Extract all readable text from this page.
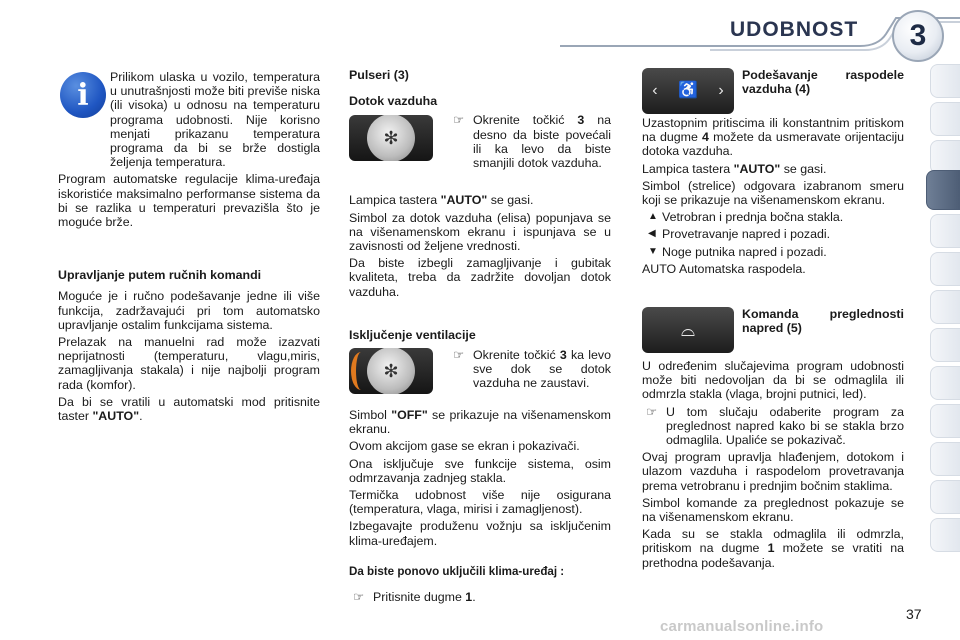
UDOBNOST	3
i

Prilikom ulaska u vozilo, temperatura u unutrašnjosti može biti previše niska (ili visoka) u odnosu na temperaturu programa udobnosti. Nije korisno menjati prikazanu temperatura programa da bi se brže dostigla željenja temperatura.

Program automatske regulacije klima-uređaja iskoristiće maksimalno performanse sistema da bi se razlika u temperaturi prevazišla što je moguće brže.

Upravljanje putem ručnih komandi

Moguće je i ručno podešavanje jedne ili više funkcija, zadržavajući pri tom automatsko upravljanje ostalim funkcijama sistema.

Prelazak na manuelni rad može izazvati neprijatnosti (temperaturu, vlagu,miris, zamagljivanja stakala) i nije najbolji program rada (komfor).

Da bi se vratili u automatski mod pritisnite taster "AUTO".

Pulseri (3)

Dotok vazduha

✻
☞ Okrenite točkić 3 na desno da biste povećali ili ka levo da biste smanjili dotok vazduha.

Lampica tastera "AUTO" se gasi.

Simbol za dotok vazduha (elisa) popunjava se na višenamenskom ekranu i ispunjava se u zavisnosti od željene vrednosti.

Da biste izbegli zamagljivanje i gubitak kvaliteta, treba da zadržite dovoljan dotok vazduha.

Isključenje ventilacije

✻
☞ Okrenite točkić 3 ka levo sve dok se dotok vazduha ne zaustavi.

Simbol "OFF" se prikazuje na višenamenskom ekranu.

Ovom akcijom gase se ekran i pokazivači.

Ona isključuje sve funkcije sistema, osim odmrzavanja zadnjeg stakla.

Termička udobnost više nije osigurana (temperatura, vlaga, mirisi i zamaglјenost).

Izbegavajte produženu vožnju sa isključenim klima-uređajem.

Da biste ponovo uključili klima-uređaj :

☞ Pritisnite dugme 1.

‹ ♿ ›

Podešavanje raspodele vazduha (4)

Uzastopnim pritiscima ili konstantnim pritiskom na dugme 4 možete da usmeravate orijentaciju dotoka vazduha.

Lampica tastera "AUTO" se gasi.

Simbol (strelice) odgovara izabranom smeru koji se prikazuje na višenamenskom ekranu.

▲ Vetrobran i prednja bočna stakla.
◀ Provetravanje napred i pozadi.
▼ Noge putnika napred i pozadi.

AUTO Automatska raspodela.

⌓

Komanda preglednosti napred (5)

U određenim slučajevima program udobnosti može biti nedovoljan da bi se odmaglila ili odmrzla stakla (vlaga, brojni putnici, led).

☞ U tom slučaju odaberite program za preglednost napred kako bi se stakla brzo odmaglila. Upaliće se pokazivač.

Ovaj program upravlja hlađenjem, dotokom i ulazom vazduha i raspodelom provetravanja prema vetrobranu i prednjim bočnim staklima.

Simbol komande za preglednost pokazuje se na višenamenskom ekranu.

Kada su se stakla odmaglila ili odmrzla, pritiskom na dugme 1 možete se vratiti na prethodna podešavanja.

37
carmanualsonline.info
